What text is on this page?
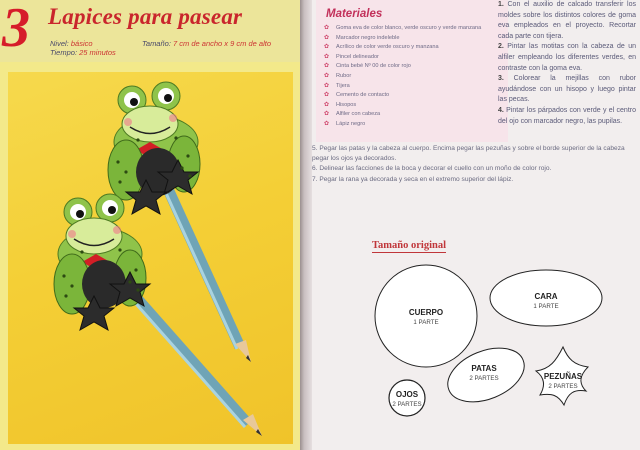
3 Lapices para pasear
Nivel: básico
Tiempo: 25 minutos
Tamaño: 7 cm de ancho x 9 cm de alto
Materiales
✿	Goma eva de color blanco, verde oscuro y verde manzana
✿	Marcador negro indeleble
✿	Acrílico de color verde oscuro y manzana
✿	Pincel delineador
✿	Cinta bebé Nº 00 de color rojo
✿	Rubor
✿	Tijera
✿	Cemento de contacto
✿	Hisopos
✿	Alfiler con cabeza
✿	Lápiz negro

1. Con el auxilio de calcado transferir los moldes sobre los distintos colores de goma eva empleados en el proyecto. Recortar cada parte con tijera.

2. Pintar las motitas con la cabeza de un alfiler empleando los diferentes verdes, en contraste con la goma eva.

3. Colorear la mejillas con rubor ayudándose con un hisopo y luego pintar las pecas.

4. Pintar los párpados con verde y el centro del ojo con marcador negro, las pupilas.

5. Pegar las patas y la cabeza al cuerpo. Encima pegar las pezuñas y sobre el borde superior de la cabeza pegar los ojos ya decorados.

6. Delinear las facciones de la boca y decorar el cuello con un moño de color rojo.

7. Pegar la rana ya decorada y seca en el extremo superior del lápiz.

Tamaño original
CUERPO
1 PARTE
CARA
1 PARTE
PATAS
2 PARTES
OJOS
2 PARTES
PEZUÑAS
2 PARTES
